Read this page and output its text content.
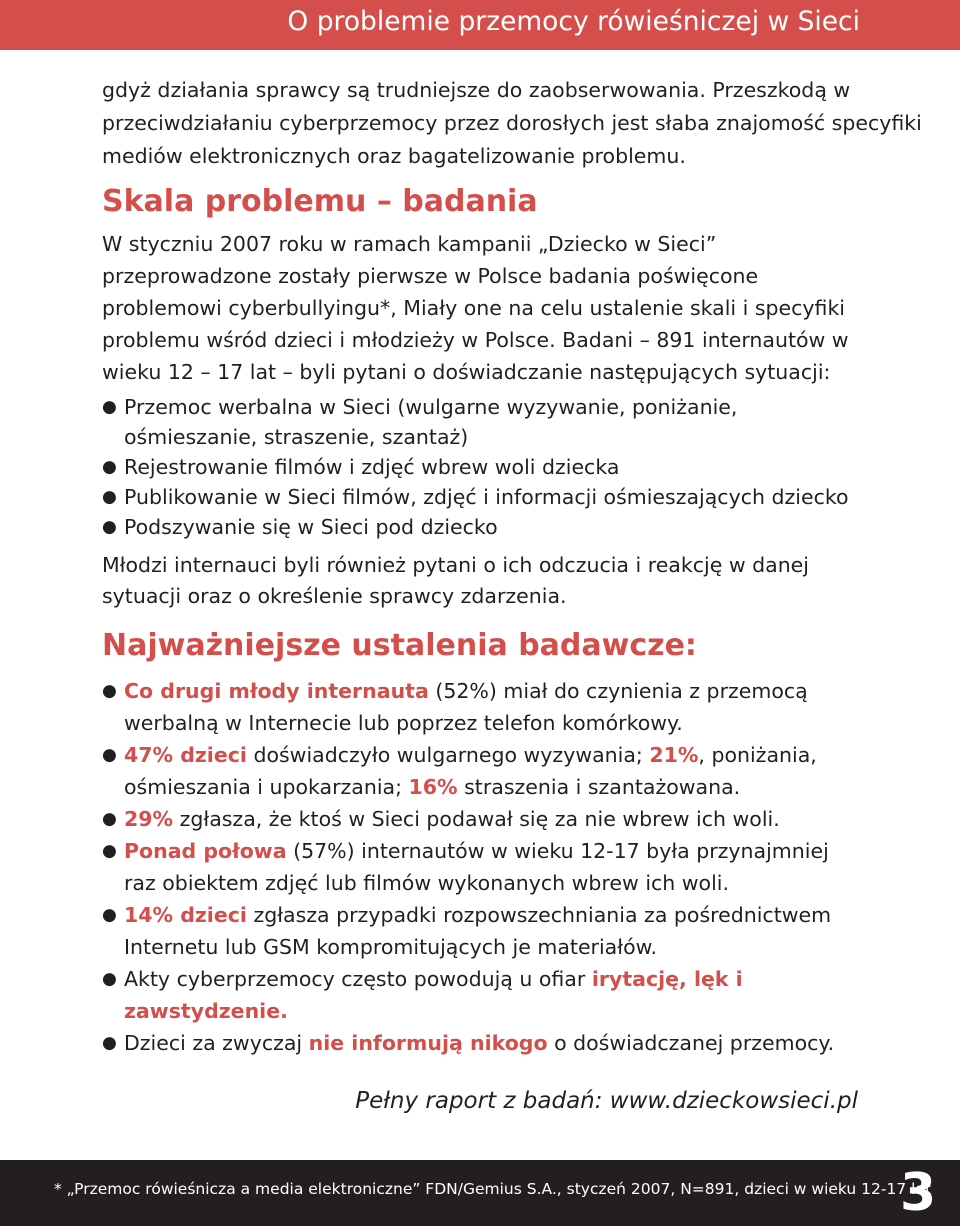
O problemie przemocy rówieśniczej w Sieci

gdyż działania sprawcy są trudniejsze do zaobserwowania. Przeszkodą w przeciwdziałaniu cyberprzemocy przez dorosłych jest słaba znajomość specyfiki mediów elektronicznych oraz bagatelizowanie problemu.

Skala problemu – badania

W styczniu 2007 roku w ramach kampanii „Dziecko w Sieci” przeprowadzone zostały pierwsze w Polsce badania poświęcone problemowi cyberbullyingu*, Miały one na celu ustalenie skali i specyfiki problemu wśród dzieci i młodzieży w Polsce. Badani – 891 internautów w wieku 12 – 17 lat – byli pytani o doświadczanie następujących sytuacji:

● Przemoc werbalna w Sieci (wulgarne wyzywanie, poniżanie, ośmieszanie, straszenie, szantaż)
● Rejestrowanie filmów i zdjęć wbrew woli dziecka
● Publikowanie w Sieci filmów, zdjęć i informacji ośmieszających dziecko
● Podszywanie się w Sieci pod dziecko

Młodzi internauci byli również pytani o ich odczucia i reakcję w danej sytuacji oraz o określenie sprawcy zdarzenia.

Najważniejsze ustalenia badawcze:
● Co drugi młody internauta (52%) miał do czynienia z przemocą werbalną w Internecie lub poprzez telefon komórkowy.
● 47% dzieci doświadczyło wulgarnego wyzywania; 21%, poniżania, ośmieszania i upokarzania; 16% straszenia i szantażowana.
● 29% zgłasza, że ktoś w Sieci podawał się za nie wbrew ich woli.
● Ponad połowa (57%) internautów w wieku 12-17 była przynajmniej raz obiektem zdjęć lub filmów wykonanych wbrew ich woli.
● 14% dzieci zgłasza przypadki rozpowszechniania za pośrednictwem Internetu lub GSM kompromitujących je materiałów.
● Akty cyberprzemocy często powodują u ofiar irytację, lęk i zawstydzenie.
● Dzieci za zwyczaj nie informują nikogo o doświadczanej przemocy.

Pełny raport z badań: www.dzieckowsieci.pl

* „Przemoc rówieśnicza a media elektroniczne” FDN/Gemius S.A., styczeń 2007, N=891, dzieci w wieku 12-17 lat
3
